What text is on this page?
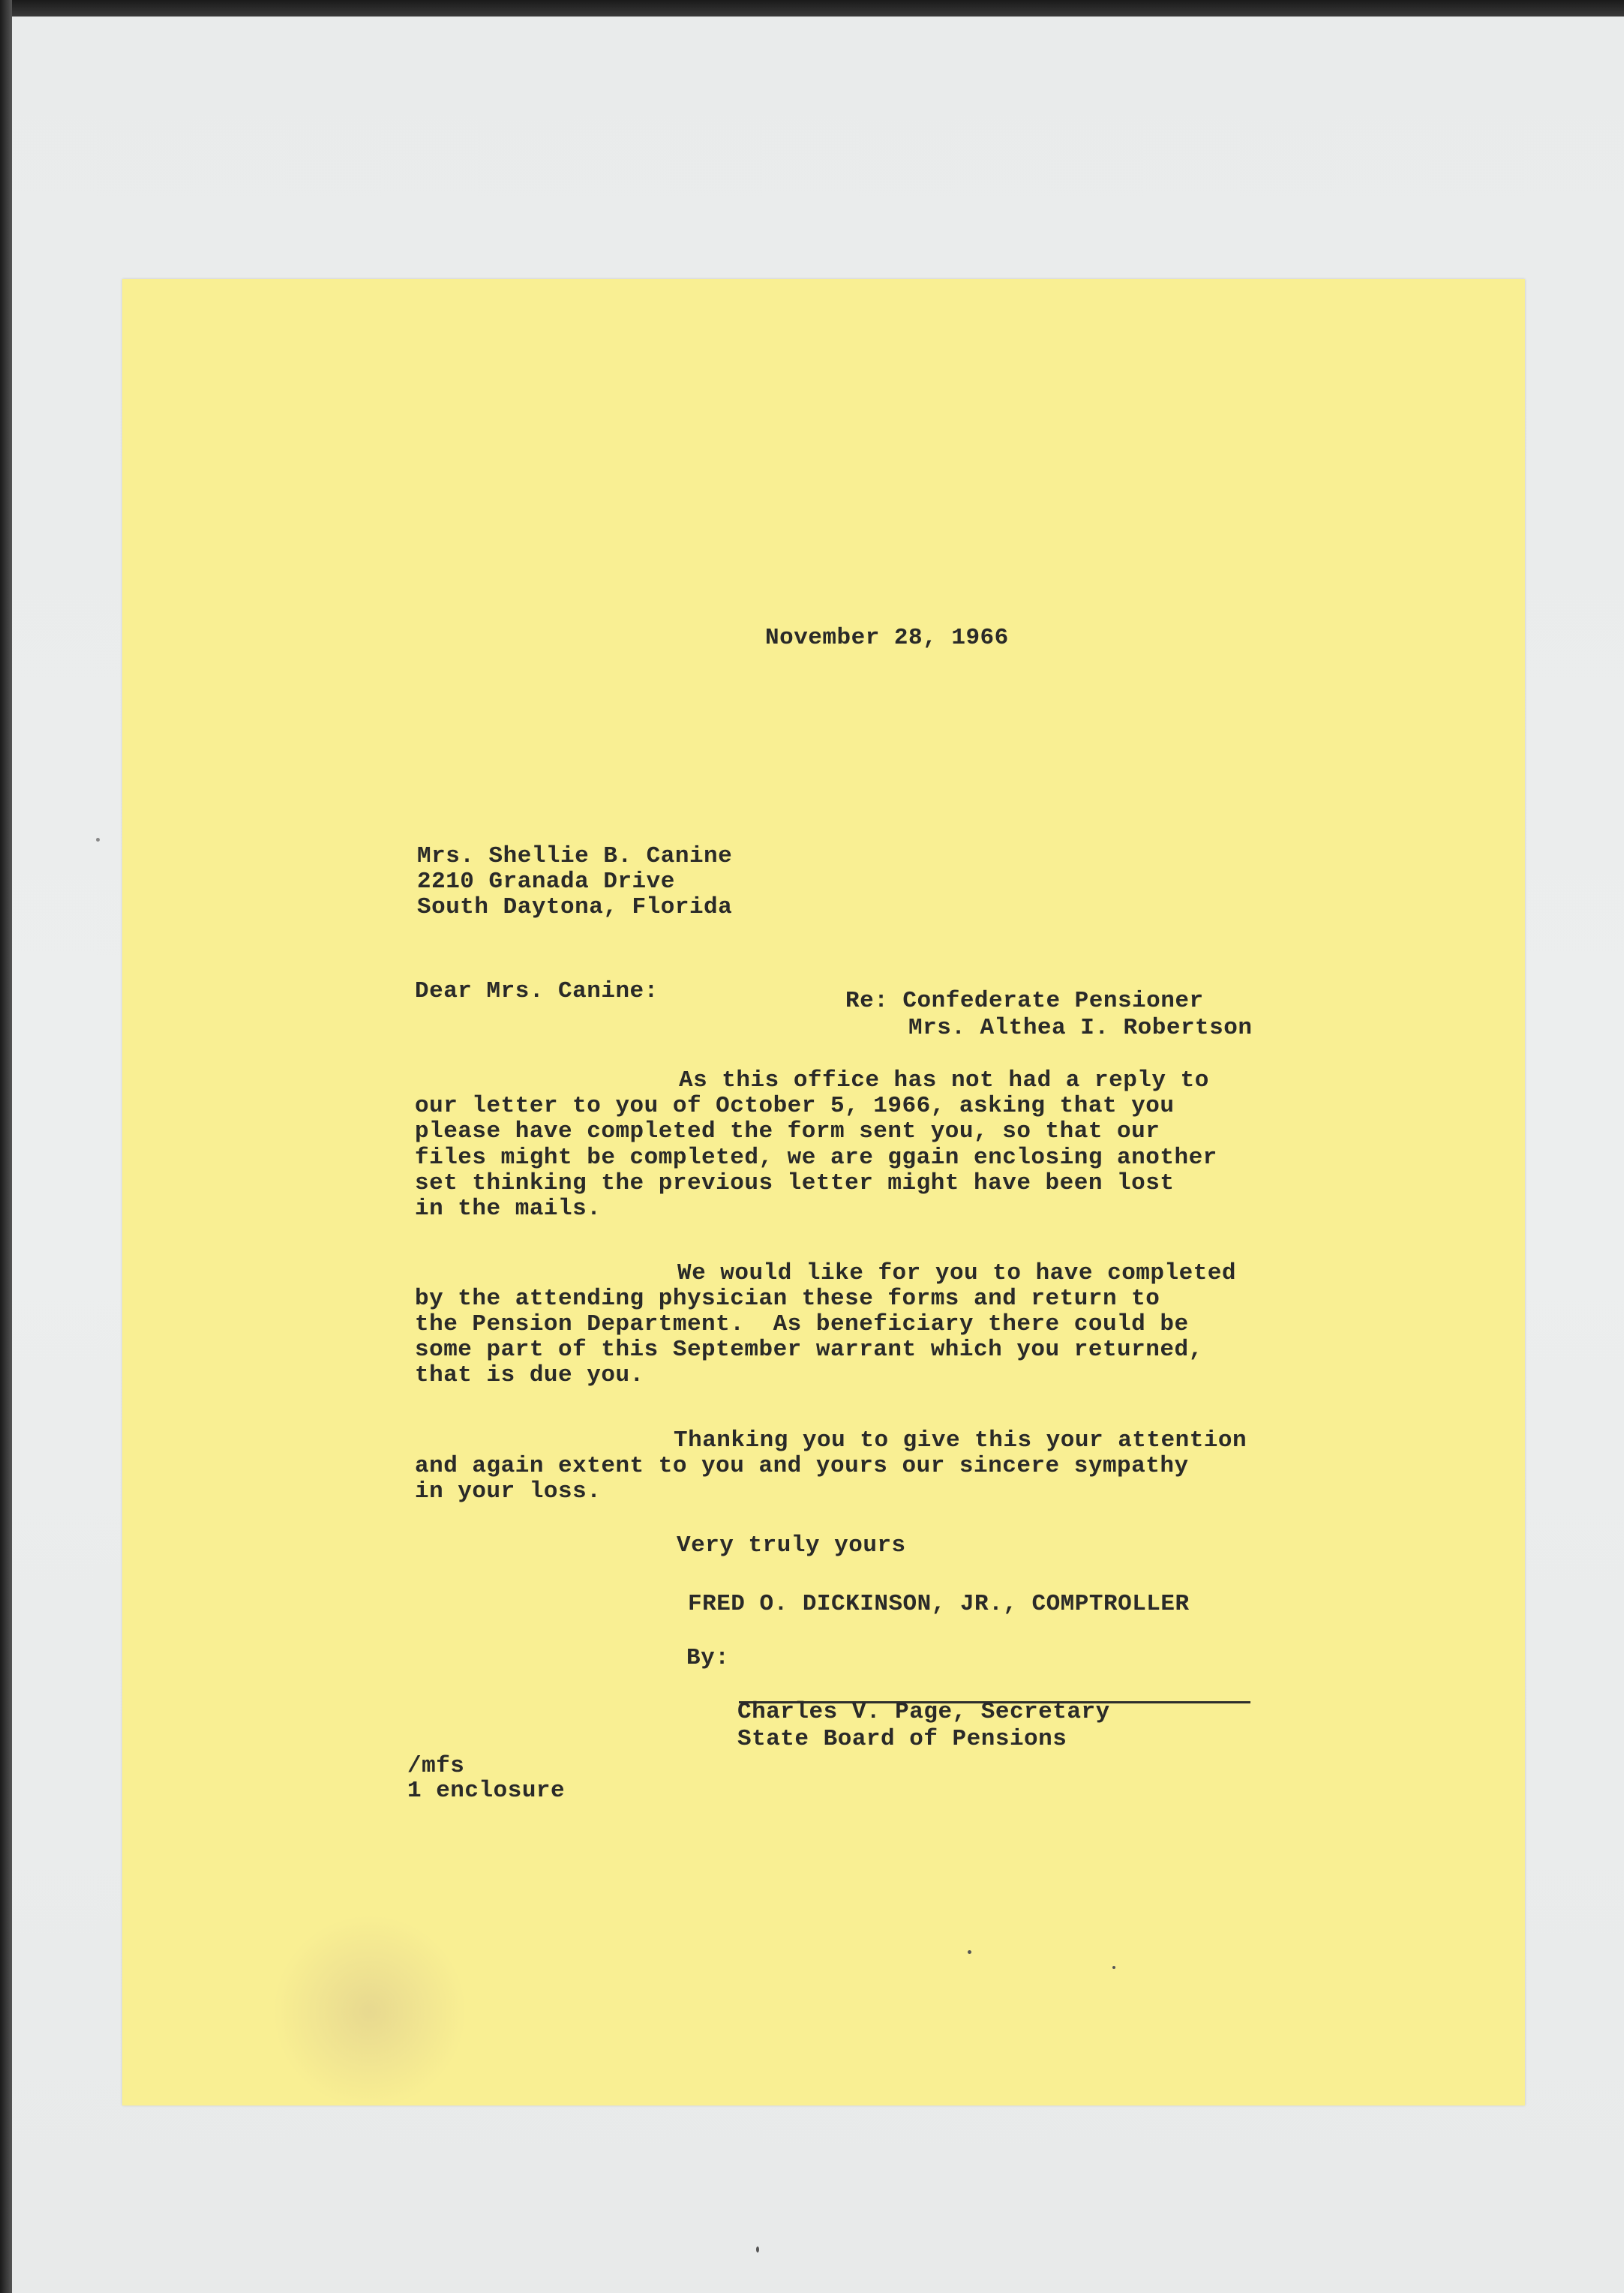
November 28, 1966
Mrs. Shellie B. Canine
2210 Granada Drive
South Daytona, Florida
Dear Mrs. Canine:	Re: Confederate Pensioner
Mrs. Althea I. Robertson
As this office has not had a reply to
our letter to you of October 5, 1966, asking that you
please have completed the form sent you, so that our
files might be completed, we are ggain enclosing another
set thinking the previous letter might have been lost
in the mails.
We would like for you to have completed
by the attending physician these forms and return to
the Pension Department.  As beneficiary there could be
some part of this September warrant which you returned,
that is due you.
Thanking you to give this your attention
and again extent to you and yours our sincere sympathy
in your loss.
Very truly yours
FRED O. DICKINSON, JR., COMPTROLLER
By:
Charles V. Page, Secretary
State Board of Pensions
/mfs
1 enclosure
